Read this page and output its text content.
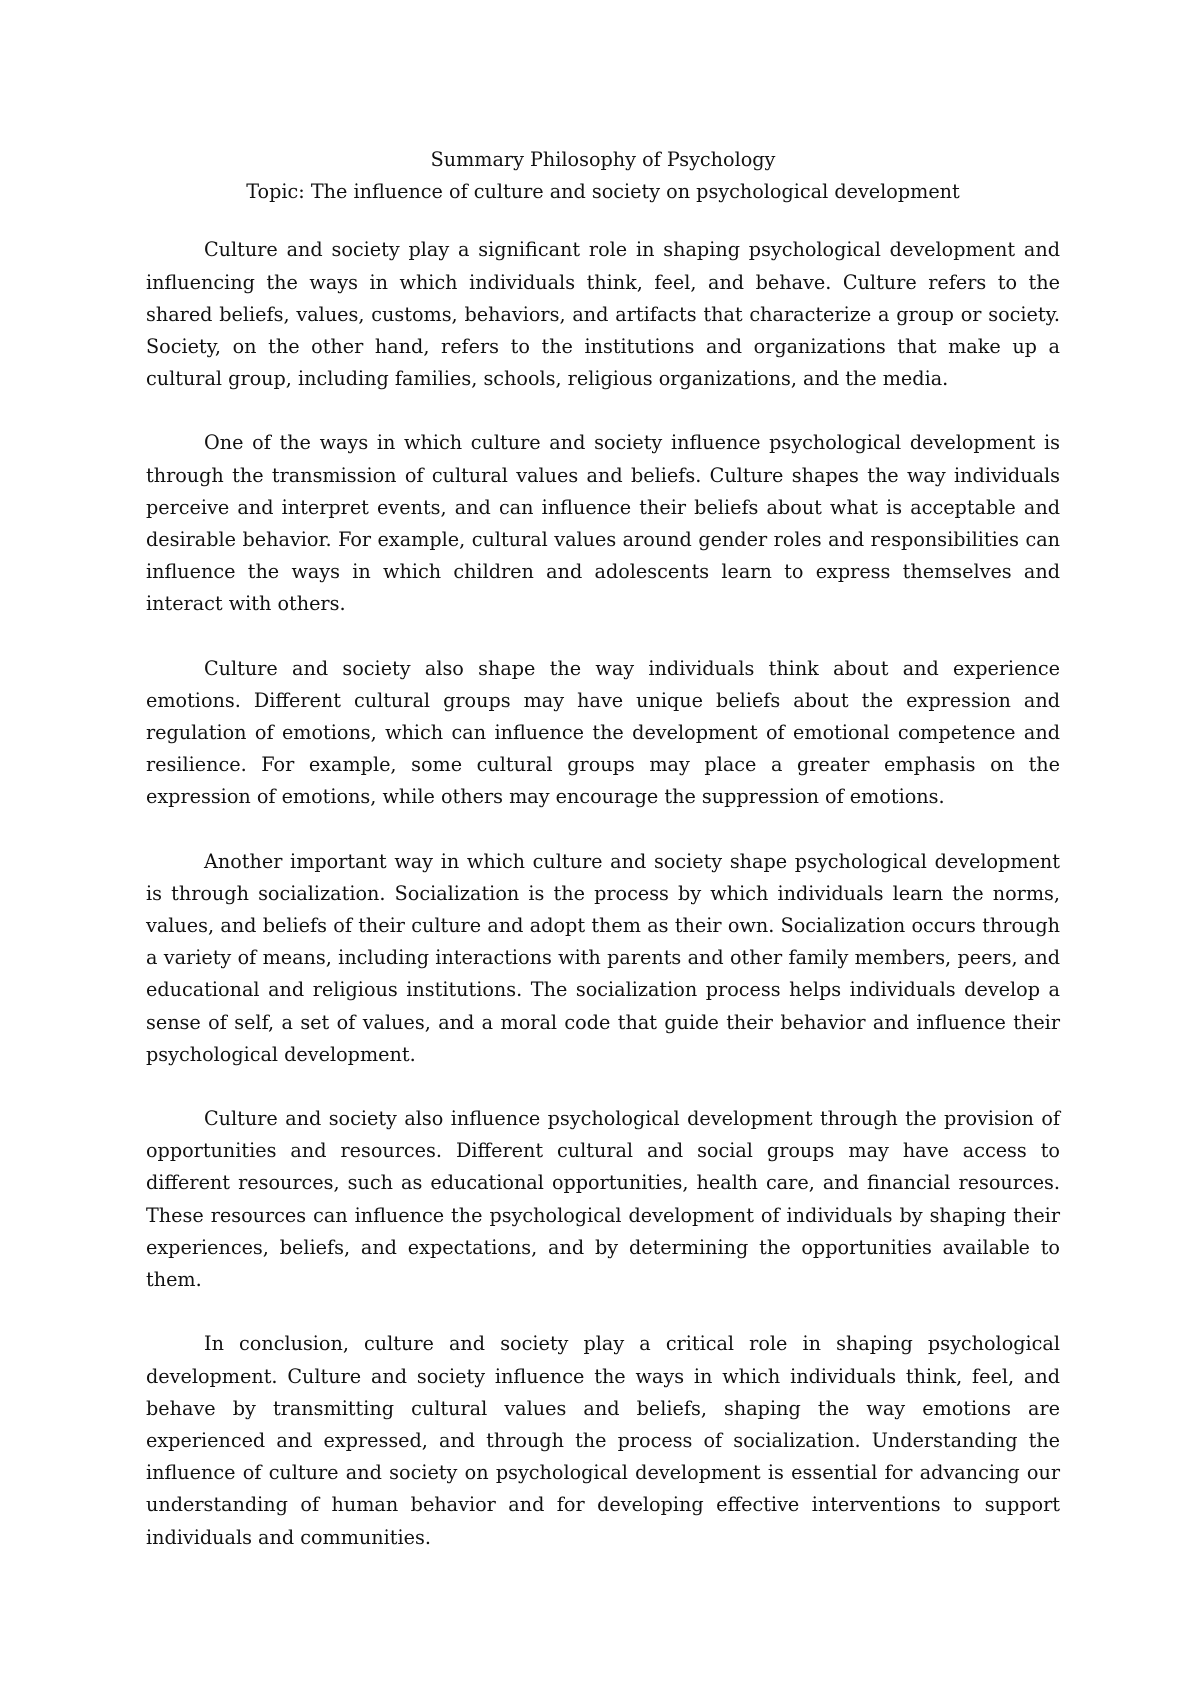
Summary Philosophy of Psychology
Topic: The influence of culture and society on psychological development

Culture and society play a significant role in shaping psychological development and influencing the ways in which individuals think, feel, and behave. Culture refers to the shared beliefs, values, customs, behaviors, and artifacts that characterize a group or society. Society, on the other hand, refers to the institutions and organizations that make up a cultural group, including families, schools, religious organizations, and the media.

One of the ways in which culture and society influence psychological development is through the transmission of cultural values and beliefs. Culture shapes the way individuals perceive and interpret events, and can influence their beliefs about what is acceptable and desirable behavior. For example, cultural values around gender roles and responsibilities can influence the ways in which children and adolescents learn to express themselves and interact with others.

Culture and society also shape the way individuals think about and experience emotions. Different cultural groups may have unique beliefs about the expression and regulation of emotions, which can influence the development of emotional competence and resilience. For example, some cultural groups may place a greater emphasis on the expression of emotions, while others may encourage the suppression of emotions.

Another important way in which culture and society shape psychological development is through socialization. Socialization is the process by which individuals learn the norms, values, and beliefs of their culture and adopt them as their own. Socialization occurs through a variety of means, including interactions with parents and other family members, peers, and educational and religious institutions. The socialization process helps individuals develop a sense of self, a set of values, and a moral code that guide their behavior and influence their psychological development.

Culture and society also influence psychological development through the provision of opportunities and resources. Different cultural and social groups may have access to different resources, such as educational opportunities, health care, and financial resources. These resources can influence the psychological development of individuals by shaping their experiences, beliefs, and expectations, and by determining the opportunities available to them.

In conclusion, culture and society play a critical role in shaping psychological development. Culture and society influence the ways in which individuals think, feel, and behave by transmitting cultural values and beliefs, shaping the way emotions are experienced and expressed, and through the process of socialization. Understanding the influence of culture and society on psychological development is essential for advancing our understanding of human behavior and for developing effective interventions to support individuals and communities.
